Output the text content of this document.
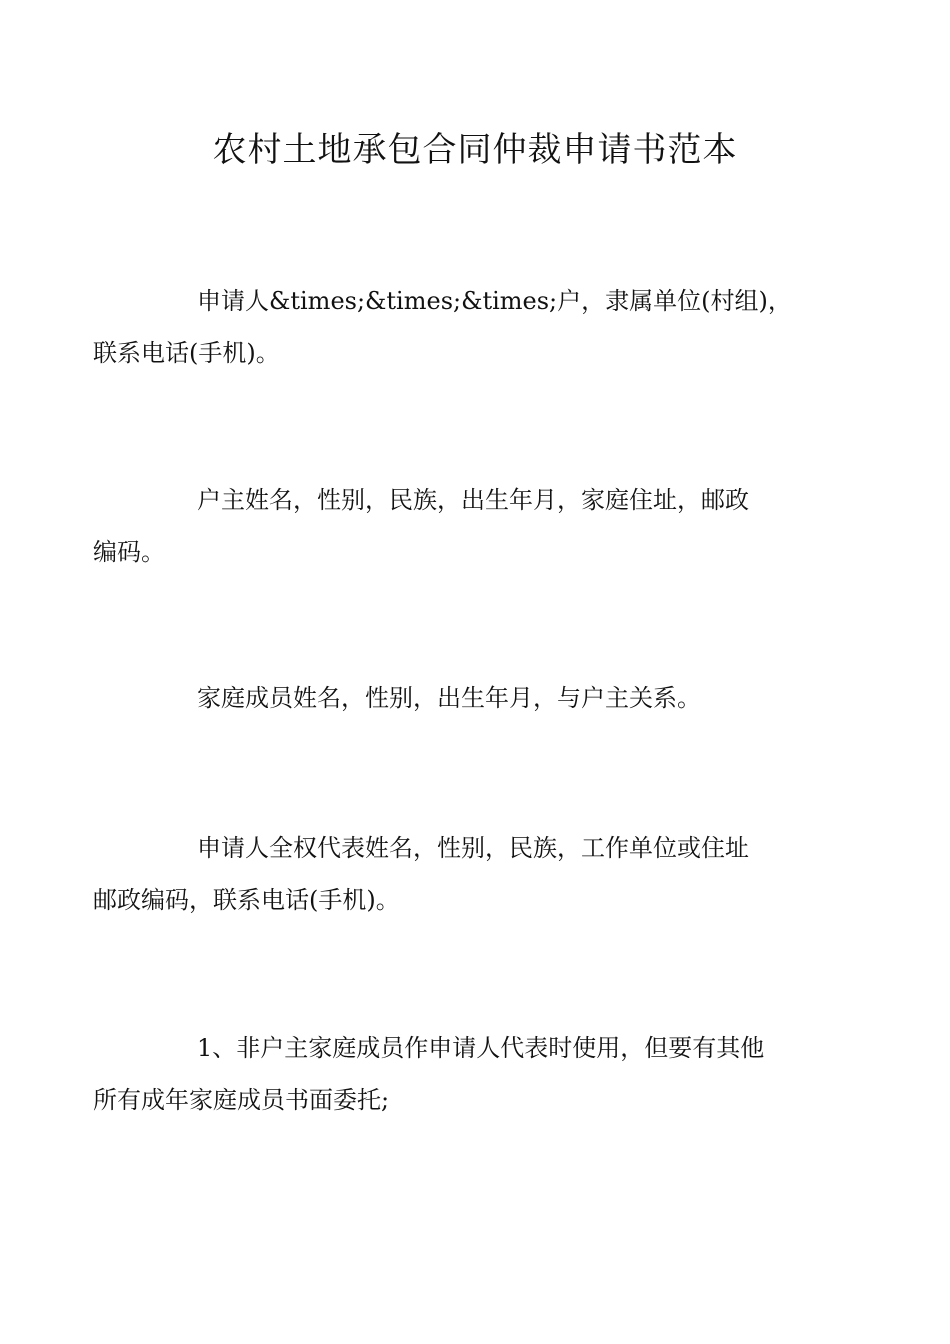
农村土地承包合同仲裁申请书范本

申请人&times;&times;&times;户，隶属单位(村组)，
联系电话(手机)。

户主姓名，性别，民族，出生年月，家庭住址，邮政
编码。

家庭成员姓名，性别，出生年月，与户主关系。

申请人全权代表姓名，性别，民族，工作单位或住址
邮政编码，联系电话(手机)。

1、非户主家庭成员作申请人代表时使用，但要有其他
所有成年家庭成员书面委托;
